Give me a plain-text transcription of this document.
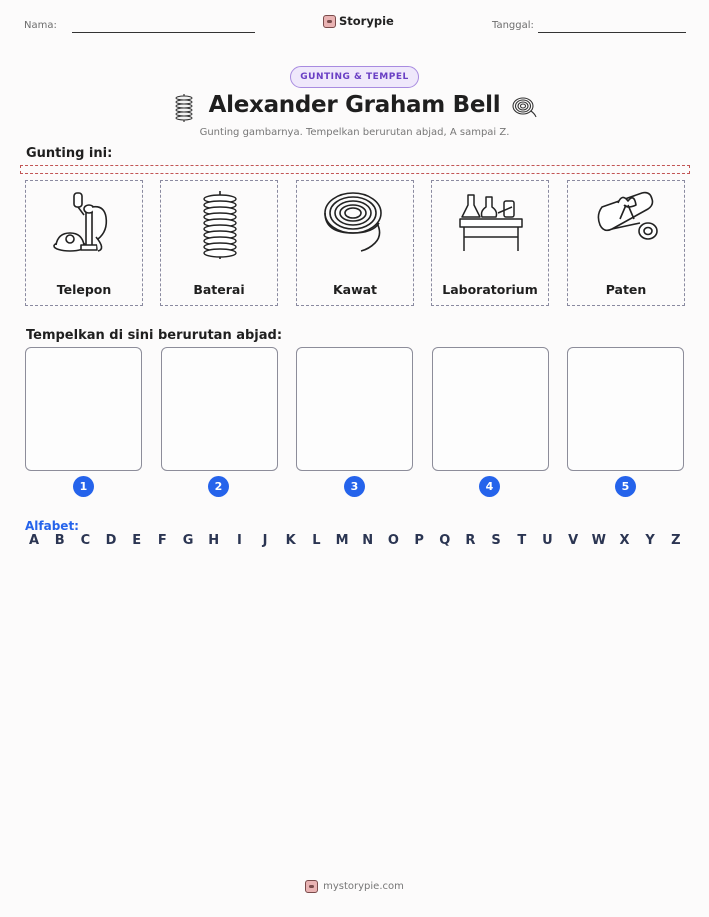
Nama:	Storypie	Tanggal:
GUNTING & TEMPEL
Alexander Graham Bell
Gunting gambarnya. Tempelkan berurutan abjad, A sampai Z.
Gunting ini:
Telepon	Baterai	Kawat	Laboratorium	Paten
Tempelkan di sini berurutan abjad:
1	2	3	4	5
Alfabet:
A	B	C	D	E	F	G H	I	J	K	L	M N O	P	Q	R	S	T	U	V	W	X	Y	Z
mystorypie.com
